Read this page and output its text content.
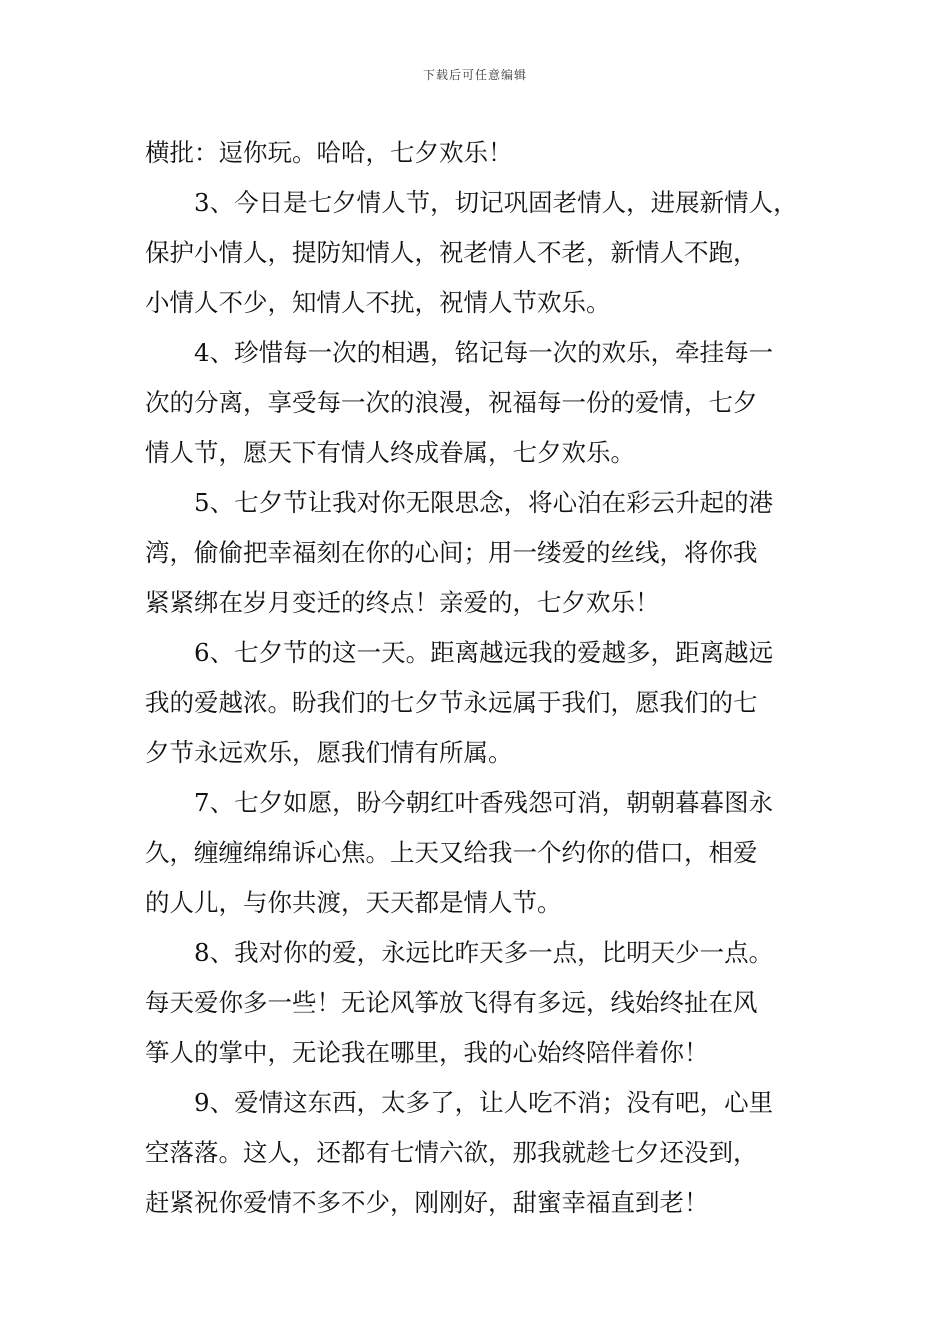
下载后可任意编辑
横批：逗你玩。哈哈，七夕欢乐！
3、今日是七夕情人节，切记巩固老情人，进展新情人，
保护小情人，提防知情人，祝老情人不老，新情人不跑，
小情人不少，知情人不扰，祝情人节欢乐。
4、珍惜每一次的相遇，铭记每一次的欢乐，牵挂每一
次的分离，享受每一次的浪漫，祝福每一份的爱情，七夕
情人节，愿天下有情人终成眷属，七夕欢乐。
5、七夕节让我对你无限思念，将心泊在彩云升起的港
湾，偷偷把幸福刻在你的心间；用一缕爱的丝线，将你我
紧紧绑在岁月变迁的终点！亲爱的，七夕欢乐！
6、七夕节的这一天。距离越远我的爱越多，距离越远
我的爱越浓。盼我们的七夕节永远属于我们，愿我们的七
夕节永远欢乐，愿我们情有所属。
7、七夕如愿，盼今朝红叶香残怨可消，朝朝暮暮图永
久，缠缠绵绵诉心焦。上天又给我一个约你的借口，相爱
的人儿，与你共渡，天天都是情人节。
8、我对你的爱，永远比昨天多一点，比明天少一点。
每天爱你多一些！无论风筝放飞得有多远，线始终扯在风
筝人的掌中，无论我在哪里，我的心始终陪伴着你！
9、爱情这东西，太多了，让人吃不消；没有吧，心里
空落落。这人，还都有七情六欲，那我就趁七夕还没到，
赶紧祝你爱情不多不少，刚刚好，甜蜜幸福直到老！
